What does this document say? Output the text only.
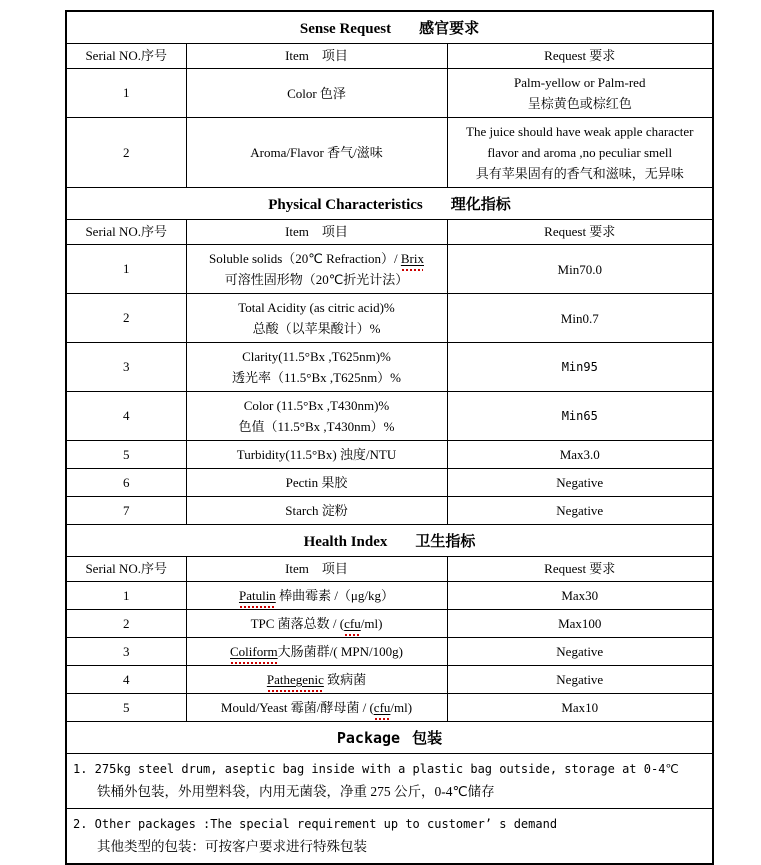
Sense Request 感官要求		
Serial NO.序号	Item　项目	Request 要求
1	Color 色泽	Palm-yellow or Palm-red
呈棕黄色或棕红色

2	Aroma/Flavor 香气/滋味	The juice should have weak apple character
flavor and aroma ,no peculiar smell
具有苹果固有的香气和滋味，无异味

Physical Characteristics 理化指标		
Serial NO.序号	Item　项目	Request 要求
1	Soluble solids（20℃ Refraction）/ Brix
可溶性固形物（20℃折光计法）	Min70.0

2	Total Acidity (as citric acid)%
总酸（以苹果酸计）%	Min0.7

3	Clarity(11.5°Bx ,T625nm)%
透光率（11.5°Bx ,T625nm）%	Min95

4	Color (11.5°Bx ,T430nm)%
色值（11.5°Bx ,T430nm）%	Min65

5	Turbidity(11.5°Bx) 浊度/NTU	Max3.0

6	Pectin 果胶	Negative

7	Starch 淀粉	Negative

Health Index 卫生指标		
Serial NO.序号	Item　项目	Request 要求
1	Patulin 棒曲霉素 /（μg/kg）	Max30

2	TPC 菌落总数 / (cfu/ml)	Max100

3	Coliform大肠菌群/( MPN/100g)	Negative

4	Pathegenic 致病菌	Negative

5	Mould/Yeast 霉菌/酵母菌 / (cfu/ml)	Max10

Package 包装		

1. 275kg steel drum, aseptic bag inside with a plastic bag outside, storage at 0-4℃
铁桶外包装，外用塑料袋，内用无菌袋，净重 275 公斤，0-4℃储存		

2. Other packages :The special requirement up to customer’ s demand
其他类型的包装：可按客户要求进行特殊包装		
